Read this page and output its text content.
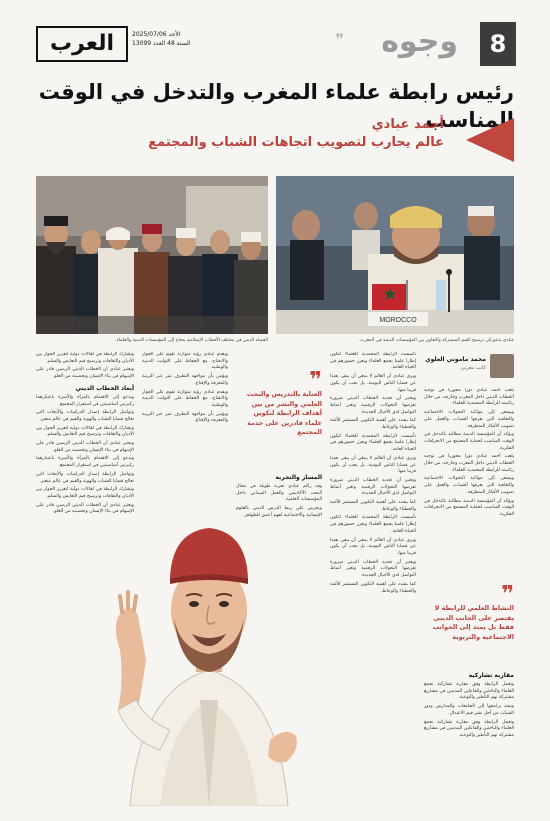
8
وجوه
❞
العرب	الأحد 2025/07/06
السنة 48 العدد 13099
رئيس رابطة علماء المغرب والتدخل في الوقت المناسب
أحمد عبادي
عالم يحارب لتصويب اتجاهات الشباب والمجتمع
الفضاء الديني في مختلف الأقطاب الإسلامية يحتاج إلى المؤسسات الدينية والعلماء.
MOROCCO
عبادي يدعو إلى ترسيخ القيم المشتركة والتعاون بين المؤسسات الدينية في المغرب.
محمد ماموني العلوي
كاتب مغربي

يلعب أحمد عبادي دورا محوريا في توجيه الخطاب الديني داخل المغرب وخارجه، من خلال رئاسته للرابطة المحمدية للعلماء.

ويسعى إلى مواكبة التحولات الاجتماعية والثقافية التي يعرفها الشباب، والعمل على تصويب الأفكار المتطرفة.

ويؤكد أن المؤسسة الدينية مطالبة بالتدخل في الوقت المناسب لحماية المجتمع من الانحرافات الفكرية.

يلعب أحمد عبادي دورا محوريا في توجيه الخطاب الديني داخل المغرب وخارجه، من خلال رئاسته للرابطة المحمدية للعلماء.

ويسعى إلى مواكبة التحولات الاجتماعية والثقافية التي يعرفها الشباب، والعمل على تصويب الأفكار المتطرفة.

ويؤكد أن المؤسسة الدينية مطالبة بالتدخل في الوقت المناسب لحماية المجتمع من الانحرافات الفكرية.

❞
النشاط العلمي للرابطة لا يقتصر على الجانب الديني فقط بل يمتد إلى الجوانب الاجتماعية والتربوية
مقاربة تشاركية

وتعمل الرابطة وفق مقاربة تشاركية تجمع العلماء والباحثين والفاعلين المدنيين في مشاريع مشتركة تهم التأطير والتوعية.

وتمتد برامجها إلى الجامعات والمدارس ودور الشباب من أجل نشر قيم الاعتدال.

وتعمل الرابطة وفق مقاربة تشاركية تجمع العلماء والباحثين والفاعلين المدنيين في مشاريع مشتركة تهم التأطير والتوعية.

تأسست الرابطة المحمدية للعلماء لتكون إطارا علميا يجمع العلماء ويعزز حضورهم في الحياة العامة.

ويرى عبادي أن العالم لا ينبغي أن يبقى بعيدا عن قضايا الناس اليومية، بل يجب أن يكون قريبا منها.

ويعتبر أن تجديد الخطاب الديني ضرورة تفرضها التحولات الرقمية وتغير أنماط التواصل لدى الأجيال الجديدة.

كما يشدد على أهمية التكوين المستمر للأئمة والخطباء والوعاظ.

تأسست الرابطة المحمدية للعلماء لتكون إطارا علميا يجمع العلماء ويعزز حضورهم في الحياة العامة.

ويرى عبادي أن العالم لا ينبغي أن يبقى بعيدا عن قضايا الناس اليومية، بل يجب أن يكون قريبا منها.

ويعتبر أن تجديد الخطاب الديني ضرورة تفرضها التحولات الرقمية وتغير أنماط التواصل لدى الأجيال الجديدة.

كما يشدد على أهمية التكوين المستمر للأئمة والخطباء والوعاظ.

تأسست الرابطة المحمدية للعلماء لتكون إطارا علميا يجمع العلماء ويعزز حضورهم في الحياة العامة.

ويرى عبادي أن العالم لا ينبغي أن يبقى بعيدا عن قضايا الناس اليومية، بل يجب أن يكون قريبا منها.

ويعتبر أن تجديد الخطاب الديني ضرورة تفرضها التحولات الرقمية وتغير أنماط التواصل لدى الأجيال الجديدة.

كما يشدد على أهمية التكوين المستمر للأئمة والخطباء والوعاظ.

❞
العناية بالتدريس والبحث العلمي والنشر من بين أهداف الرابطة لتكوين علماء قادرين على خدمة المجتمع
المسار والتجربة

وقد راكم عبادي تجربة طويلة في مجال البحث الأكاديمي والعمل الميداني داخل المؤسسات العلمية.

ويحرص على ربط الدرس الديني بالعلوم الإنسانية والاجتماعية لفهم أعمق للظواهر.

ويقدم عبادي رؤية متوازنة تقوم على الحوار والانفتاح، مع الحفاظ على الثوابت الدينية والوطنية.

ويؤمن بأن مواجهة التطرف تمر عبر التربية والمعرفة والإقناع.

ويقدم عبادي رؤية متوازنة تقوم على الحوار والانفتاح، مع الحفاظ على الثوابت الدينية والوطنية.

ويؤمن بأن مواجهة التطرف تمر عبر التربية والمعرفة والإقناع.

وتشارك الرابطة في لقاءات دولية لتعزيز الحوار بين الأديان والثقافات وترسيخ قيم التعايش والسلم.

ويعتبر عبادي أن الخطاب الديني الرصين قادر على الإسهام في بناء الإنسان وتحصينه من الغلو.

أبعاد الخطاب الديني

ويدعو إلى الاهتمام بالمرأة والأسرة باعتبارهما ركيزتين أساسيتين في استقرار المجتمع.

وتواصل الرابطة إصدار الدراسات والأبحاث التي تعالج قضايا الشباب والهوية والقيم في عالم متغير.

وتشارك الرابطة في لقاءات دولية لتعزيز الحوار بين الأديان والثقافات وترسيخ قيم التعايش والسلم.

ويعتبر عبادي أن الخطاب الديني الرصين قادر على الإسهام في بناء الإنسان وتحصينه من الغلو.

ويدعو إلى الاهتمام بالمرأة والأسرة باعتبارهما ركيزتين أساسيتين في استقرار المجتمع.

وتواصل الرابطة إصدار الدراسات والأبحاث التي تعالج قضايا الشباب والهوية والقيم في عالم متغير.

وتشارك الرابطة في لقاءات دولية لتعزيز الحوار بين الأديان والثقافات وترسيخ قيم التعايش والسلم.

ويعتبر عبادي أن الخطاب الديني الرصين قادر على الإسهام في بناء الإنسان وتحصينه من الغلو.
